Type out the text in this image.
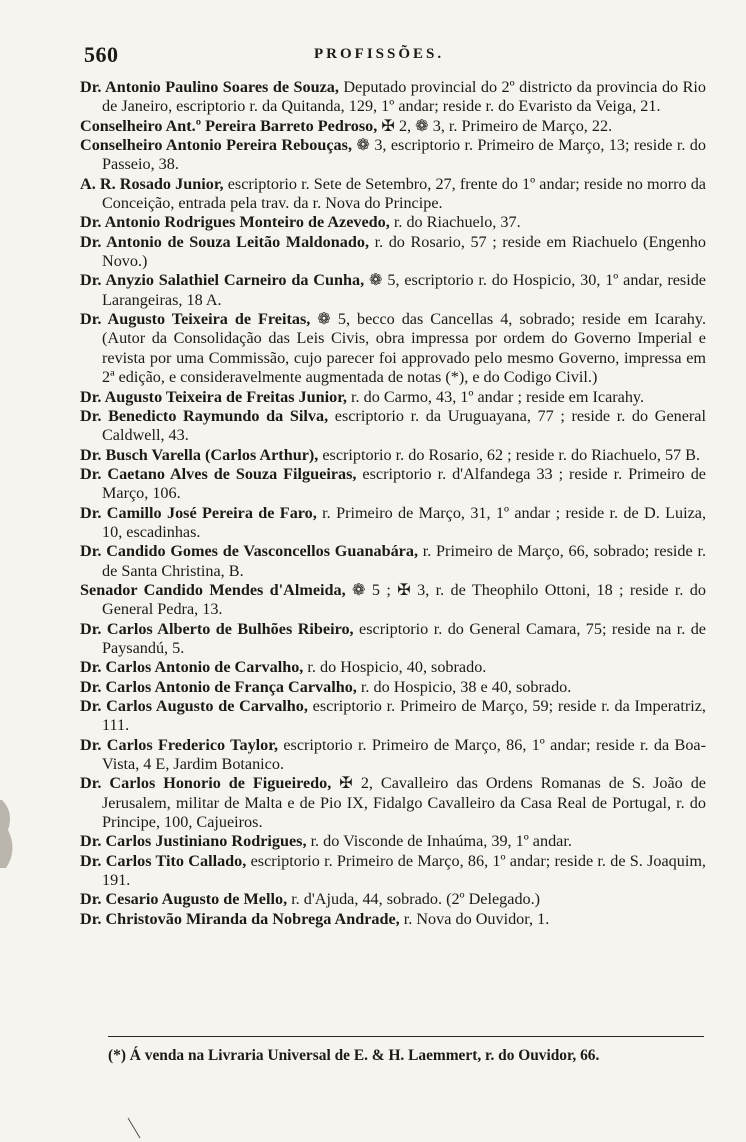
560	PROFISSÕES.

Dr. Antonio Paulino Soares de Souza, Deputado provincial do 2º districto da provincia do Rio de Janeiro, escriptorio r. da Quitanda, 129, 1º andar; reside r. do Evaristo da Veiga, 21.

Conselheiro Ant.º Pereira Barreto Pedroso, ✠ 2, ❁ 3, r. Primeiro de Março, 22.

Conselheiro Antonio Pereira Rebouças, ❁ 3, escriptorio r. Primeiro de Março, 13; reside r. do Passeio, 38.

A. R. Rosado Junior, escriptorio r. Sete de Setembro, 27, frente do 1º andar; reside no morro da Conceição, entrada pela trav. da r. Nova do Principe.

Dr. Antonio Rodrigues Monteiro de Azevedo, r. do Riachuelo, 37.

Dr. Antonio de Souza Leitão Maldonado, r. do Rosario, 57 ; reside em Riachuelo (Engenho Novo.)

Dr. Anyzio Salathiel Carneiro da Cunha, ❁ 5, escriptorio r. do Hospicio, 30, 1º andar, reside Larangeiras, 18 A.

Dr. Augusto Teixeira de Freitas, ❁ 5, becco das Cancellas 4, sobrado; reside em Icarahy. (Autor da Consolidação das Leis Civis, obra impressa por ordem do Governo Imperial e revista por uma Commissão, cujo parecer foi approvado pelo mesmo Governo, impressa em 2ª edição, e consideravelmente augmentada de notas (*), e do Codigo Civil.)

Dr. Augusto Teixeira de Freitas Junior, r. do Carmo, 43, 1º andar ; reside em Icarahy.

Dr. Benedicto Raymundo da Silva, escriptorio r. da Uruguayana, 77 ; reside r. do General Caldwell, 43.

Dr. Busch Varella (Carlos Arthur), escriptorio r. do Rosario, 62 ; reside r. do Riachuelo, 57 B.

Dr. Caetano Alves de Souza Filgueiras, escriptorio r. d'Alfandega 33 ; reside r. Primeiro de Março, 106.

Dr. Camillo José Pereira de Faro, r. Primeiro de Março, 31, 1º andar ; reside r. de D. Luiza, 10, escadinhas.

Dr. Candido Gomes de Vasconcellos Guanabára, r. Primeiro de Março, 66, sobrado; reside r. de Santa Christina, B.

Senador Candido Mendes d'Almeida, ❁ 5 ; ✠ 3, r. de Theophilo Ottoni, 18 ; reside r. do General Pedra, 13.

Dr. Carlos Alberto de Bulhões Ribeiro, escriptorio r. do General Camara, 75; reside na r. de Paysandú, 5.

Dr. Carlos Antonio de Carvalho, r. do Hospicio, 40, sobrado.

Dr. Carlos Antonio de França Carvalho, r. do Hospicio, 38 e 40, sobrado.

Dr. Carlos Augusto de Carvalho, escriptorio r. Primeiro de Março, 59; reside r. da Imperatriz, 111.

Dr. Carlos Frederico Taylor, escriptorio r. Primeiro de Março, 86, 1º andar; reside r. da Boa-Vista, 4 E, Jardim Botanico.

Dr. Carlos Honorio de Figueiredo, ✠ 2, Cavalleiro das Ordens Romanas de S. João de Jerusalem, militar de Malta e de Pio IX, Fidalgo Cavalleiro da Casa Real de Portugal, r. do Principe, 100, Cajueiros.

Dr. Carlos Justiniano Rodrigues, r. do Visconde de Inhaúma, 39, 1º andar.

Dr. Carlos Tito Callado, escriptorio r. Primeiro de Março, 86, 1º andar; reside r. de S. Joaquim, 191.

Dr. Cesario Augusto de Mello, r. d'Ajuda, 44, sobrado. (2º Delegado.)

Dr. Christovão Miranda da Nobrega Andrade, r. Nova do Ouvidor, 1.

(*) Á venda na Livraria Universal de E. & H. Laemmert, r. do Ouvidor, 66.
